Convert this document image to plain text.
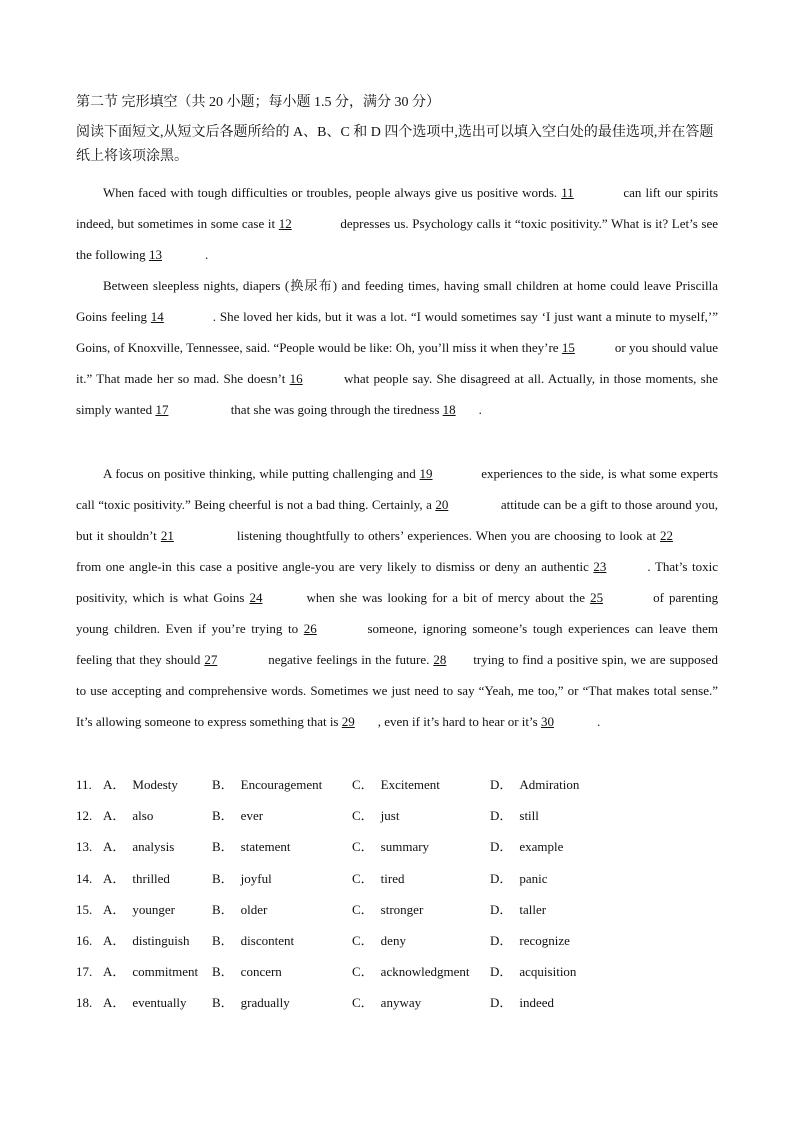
第二节 完形填空（共 20 小题；每小题 1.5 分，满分 30 分）
阅读下面短文,从短文后各题所给的 A、B、C 和 D 四个选项中,选出可以填入空白处的最佳选项,并在答题纸上将该项涂黑。
When faced with tough difficulties or troubles, people always give us positive words. 11	can lift our spirits indeed, but sometimes in some case it 12	depresses us. Psychology calls it “toxic positivity.” What is it? Let’s see the following 13	.
Between sleepless nights, diapers (换尿布) and feeding times, having small children at home could leave Priscilla Goins feeling 14	. She loved her kids, but it was a lot. “I would sometimes say ‘I just want a minute to myself,’” Goins, of Knoxville, Tennessee, said. “People would be like: Oh, you’ll miss it when they’re 15	or you should value it.” That made her so mad. She doesn’t 16	what people say. She disagreed at all. Actually, in those moments, she simply wanted 17	that she was going through the tiredness 18 .
A focus on positive thinking, while putting challenging and 19	experiences to the side, is what some experts call “toxic positivity.” Being cheerful is not a bad thing. Certainly, a 20	attitude can be a gift to those around you, but it shouldn’t 21	listening thoughtfully to others’ experiences. When you are choosing to look at 22 from one angle-in this case a positive angle-you are very likely to dismiss or deny an authentic 23	. That’s toxic positivity, which is what Goins 24	when she was looking for a bit of mercy about the 25	of parenting young children. Even if you’re trying to 26	someone, ignoring someone’s tough experiences can leave them feeling that they should 27	negative feelings in the future. 28 trying to find a positive spin, we are supposed to use accepting and comprehensive words. Sometimes we just need to say “Yeah, me too,” or “That makes total sense.” It’s allowing someone to express something that is 29 , even if it’s hard to hear or it’s 30	.
11. A． Modesty	B． Encouragement C． Excitement	D． Admiration
12. A． also	B． ever	C． just	D． still
13. A． analysis	B． statement	C． summary	D． example
14. A． thrilled	B． joyful	C． tired	D． panic
15. A． younger	B． older	C． stronger	D． taller
16. A． distinguish B． discontent	C． deny	D． recognize
17. A． commitment B． concern	C． acknowledgment D． acquisition
18. A． eventually B． gradually	C． anyway	D． indeed
